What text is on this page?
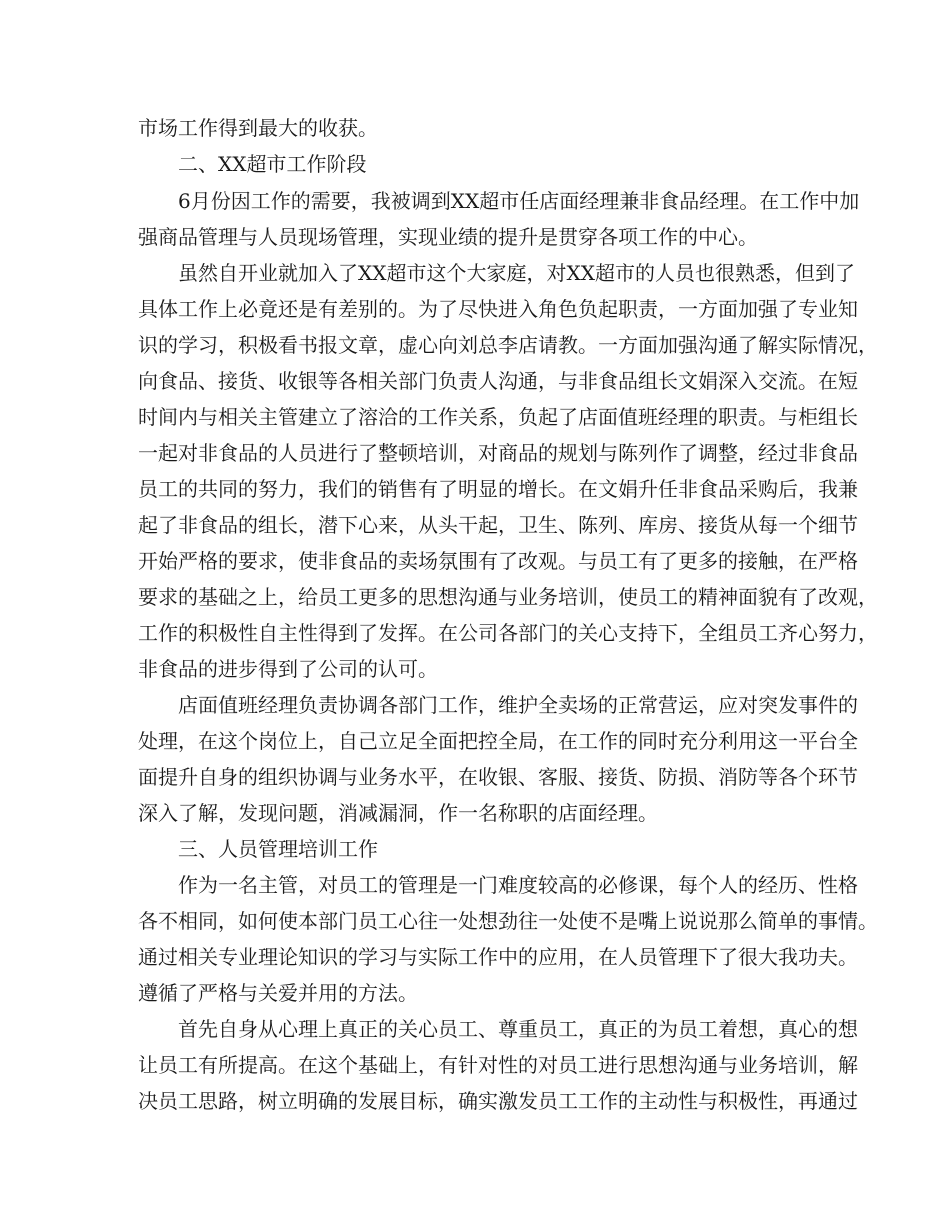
市场工作得到最大的收获。
二、XX超市工作阶段
6月份因工作的需要，我被调到XX超市任店面经理兼非食品经理。在工作中加
强商品管理与人员现场管理，实现业绩的提升是贯穿各项工作的中心。
虽然自开业就加入了XX超市这个大家庭，对XX超市的人员也很熟悉，但到了
具体工作上必竟还是有差别的。为了尽快进入角色负起职责，一方面加强了专业知
识的学习，积极看书报文章，虚心向刘总李店请教。一方面加强沟通了解实际情况，
向食品、接货、收银等各相关部门负责人沟通，与非食品组长文娟深入交流。在短
时间内与相关主管建立了溶洽的工作关系，负起了店面值班经理的职责。与柜组长
一起对非食品的人员进行了整顿培训，对商品的规划与陈列作了调整，经过非食品
员工的共同的努力，我们的销售有了明显的增长。在文娟升任非食品采购后，我兼
起了非食品的组长，潜下心来，从头干起，卫生、陈列、库房、接货从每一个细节
开始严格的要求，使非食品的卖场氛围有了改观。与员工有了更多的接触，在严格
要求的基础之上，给员工更多的思想沟通与业务培训，使员工的精神面貌有了改观，
工作的积极性自主性得到了发挥。在公司各部门的关心支持下，全组员工齐心努力，
非食品的进步得到了公司的认可。
店面值班经理负责协调各部门工作，维护全卖场的正常营运，应对突发事件的
处理，在这个岗位上，自己立足全面把控全局，在工作的同时充分利用这一平台全
面提升自身的组织协调与业务水平，在收银、客服、接货、防损、消防等各个环节
深入了解，发现问题，消减漏洞，作一名称职的店面经理。
三、人员管理培训工作
作为一名主管，对员工的管理是一门难度较高的必修课，每个人的经历、性格
各不相同，如何使本部门员工心往一处想劲往一处使不是嘴上说说那么简单的事情。
通过相关专业理论知识的学习与实际工作中的应用，在人员管理下了很大我功夫。
遵循了严格与关爱并用的方法。
首先自身从心理上真正的关心员工、尊重员工，真正的为员工着想，真心的想
让员工有所提高。在这个基础上，有针对性的对员工进行思想沟通与业务培训，解
决员工思路，树立明确的发展目标，确实激发员工工作的主动性与积极性，再通过
